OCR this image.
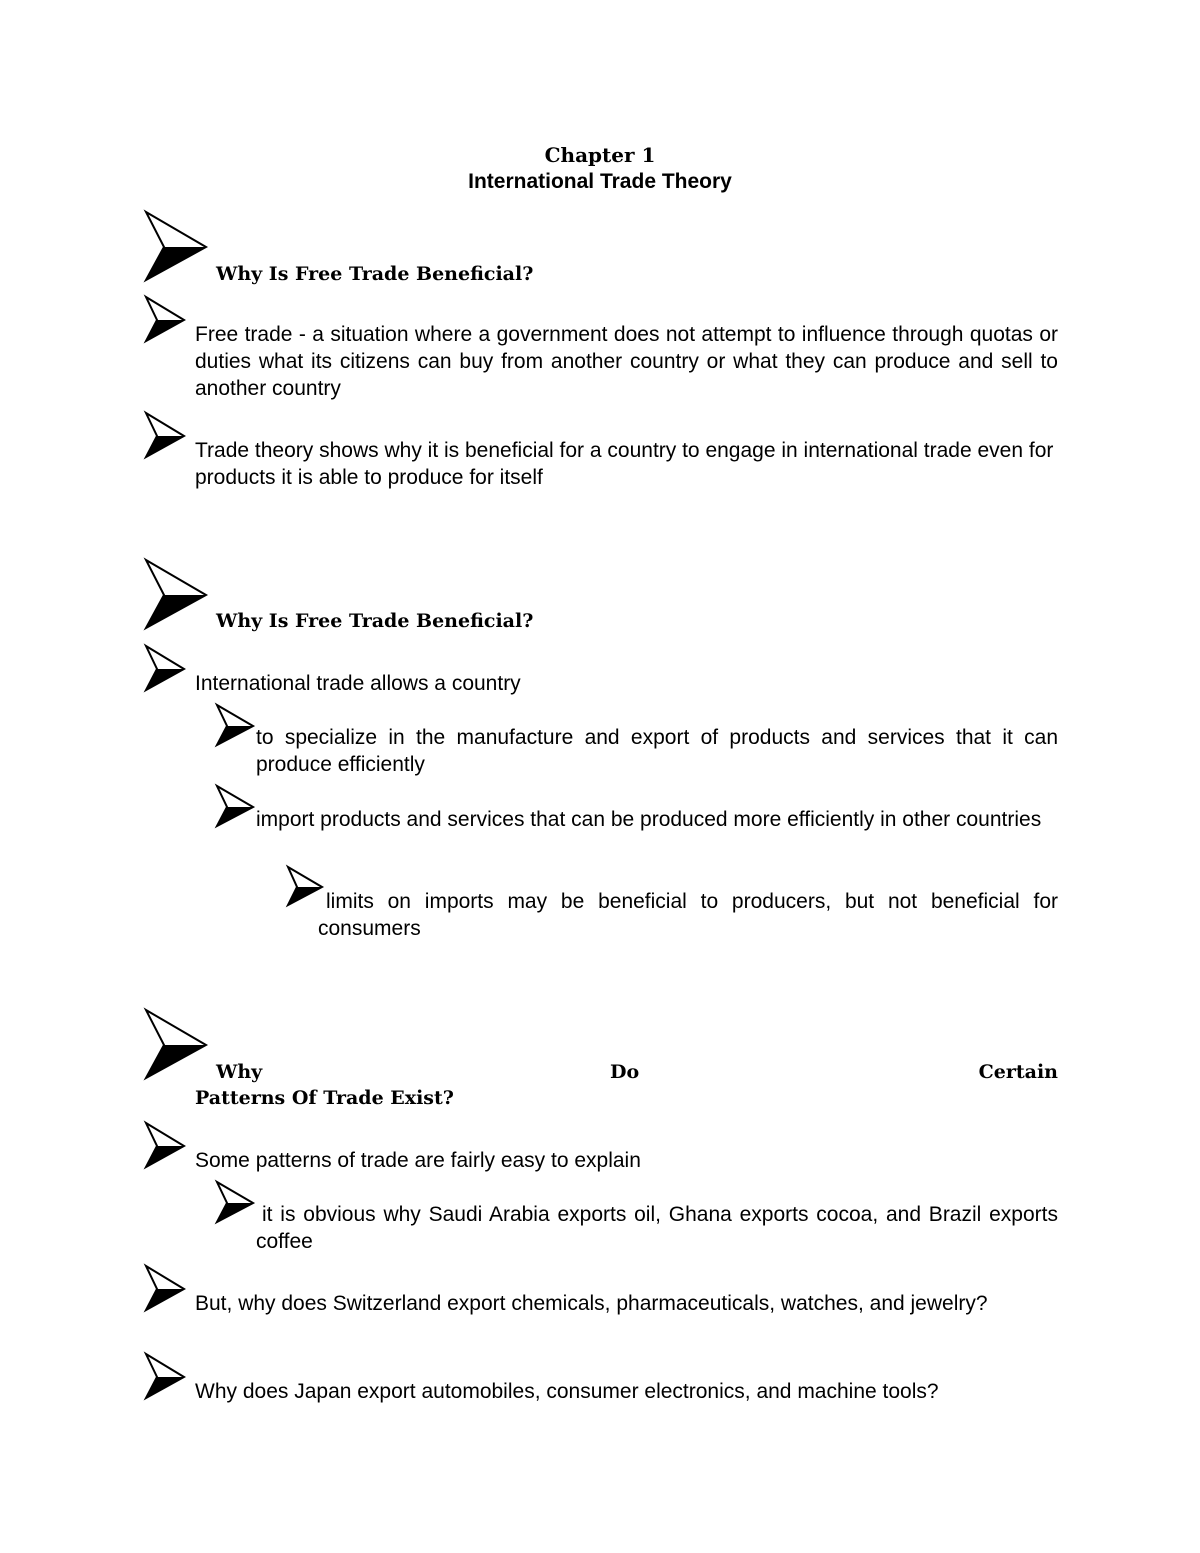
Chapter 1
International Trade Theory
Why Is Free Trade Beneficial?
Free trade - a situation where a government does not attempt to influence through quotas or duties what its citizens can buy from another country or what they can produce and sell to another country
Trade theory shows why it is beneficial for a country to engage in international trade even for products it is able to produce for itself
Why Is Free Trade Beneficial?
International trade allows a country
to specialize in the manufacture and export of products and services that it can produce efficiently
import products and services that can be produced more efficiently in other countries
limits on imports may be beneficial to producers, but not beneficial for consumers
Why	Do	Certain
Patterns Of Trade Exist?
Some patterns of trade are fairly easy to explain
it is obvious why Saudi Arabia exports oil, Ghana exports cocoa, and Brazil exports coffee
But, why does Switzerland export chemicals, pharmaceuticals, watches, and jewelry?
Why does Japan export automobiles, consumer electronics, and machine tools?
